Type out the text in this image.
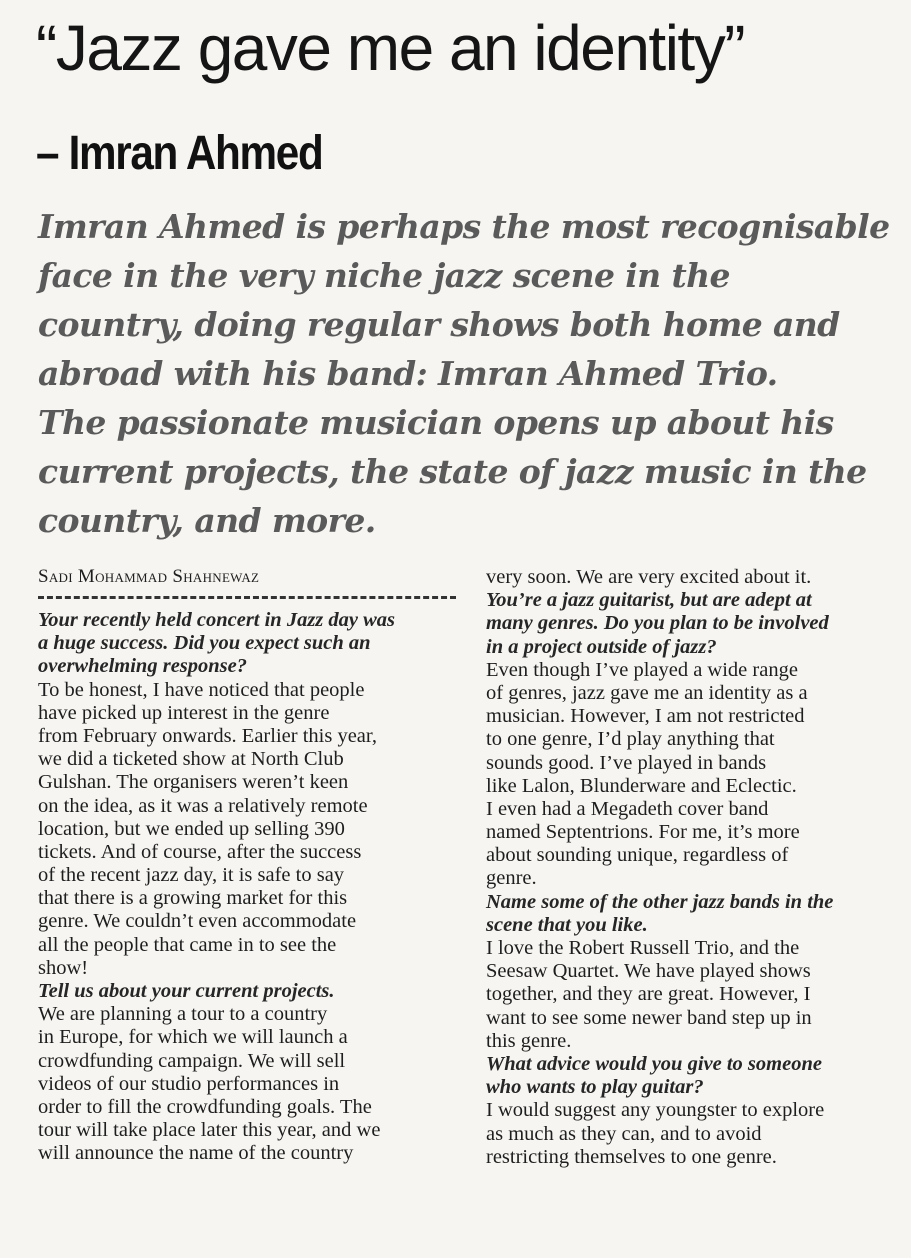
“Jazz gave me an identity”
– Imran Ahmed
Imran Ahmed is perhaps the most recognisable
face in the very niche jazz scene in the
country, doing regular shows both home and
abroad with his band: Imran Ahmed Trio.
The passionate musician opens up about his
current projects, the state of jazz music in the
country, and more.
Sadi Mohammad Shahnewaz
Your recently held concert in Jazz day was
a huge success. Did you expect such an
overwhelming response?
To be honest, I have noticed that people
have picked up interest in the genre
from February onwards. Earlier this year,
we did a ticketed show at North Club
Gulshan. The organisers weren’t keen
on the idea, as it was a relatively remote
location, but we ended up selling 390
tickets. And of course, after the success
of the recent jazz day, it is safe to say
that there is a growing market for this
genre. We couldn’t even accommodate
all the people that came in to see the
show!
Tell us about your current projects.
We are planning a tour to a country
in Europe, for which we will launch a
crowdfunding campaign. We will sell
videos of our studio performances in
order to fill the crowdfunding goals. The
tour will take place later this year, and we
will announce the name of the country
very soon. We are very excited about it.
You’re a jazz guitarist, but are adept at
many genres. Do you plan to be involved
in a project outside of jazz?
Even though I’ve played a wide range
of genres, jazz gave me an identity as a
musician. However, I am not restricted
to one genre, I’d play anything that
sounds good. I’ve played in bands
like Lalon, Blunderware and Eclectic.
I even had a Megadeth cover band
named Septentrions. For me, it’s more
about sounding unique, regardless of
genre.
Name some of the other jazz bands in the
scene that you like.
I love the Robert Russell Trio, and the
Seesaw Quartet. We have played shows
together, and they are great. However, I
want to see some newer band step up in
this genre.
What advice would you give to someone
who wants to play guitar?
I would suggest any youngster to explore
as much as they can, and to avoid
restricting themselves to one genre.
